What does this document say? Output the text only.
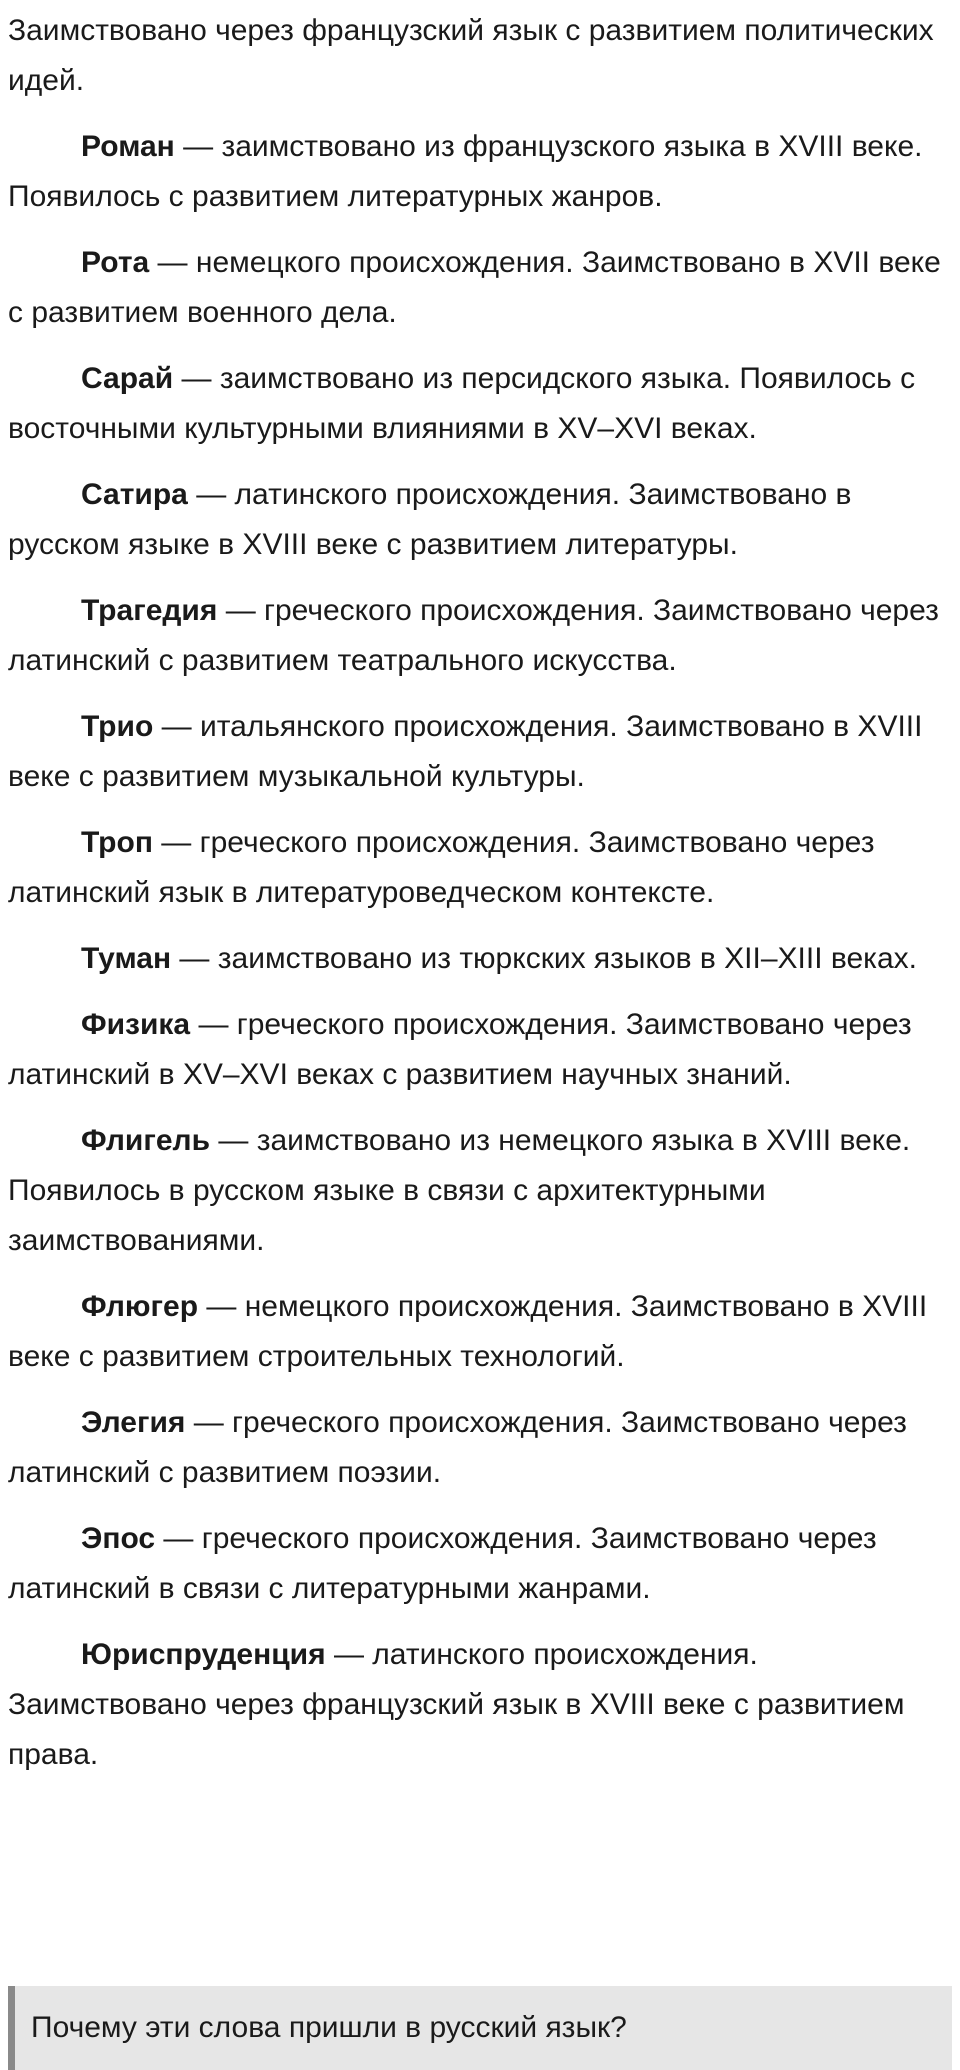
Заимствовано через французский язык с развитием политических идей.

Роман — заимствовано из французского языка в XVIII веке. Появилось с развитием литературных жанров.

Рота — немецкого происхождения. Заимствовано в XVII веке с развитием военного дела.

Сарай — заимствовано из персидского языка. Появилось с восточными культурными влияниями в XV–XVI веках.

Сатира — латинского происхождения. Заимствовано в русском языке в XVIII веке с развитием литературы.

Трагедия — греческого происхождения. Заимствовано через латинский с развитием театрального искусства.

Трио — итальянского происхождения. Заимствовано в XVIII веке с развитием музыкальной культуры.

Троп — греческого происхождения. Заимствовано через латинский язык в литературоведческом контексте.

Туман — заимствовано из тюркских языков в XII–XIII веках.

Физика — греческого происхождения. Заимствовано через латинский в XV–XVI веках с развитием научных знаний.

Флигель — заимствовано из немецкого языка в XVIII веке. Появилось в русском языке в связи с архитектурными заимствованиями.

Флюгер — немецкого происхождения. Заимствовано в XVIII веке с развитием строительных технологий.

Элегия — греческого происхождения. Заимствовано через латинский с развитием поэзии.

Эпос — греческого происхождения. Заимствовано через латинский в связи с литературными жанрами.

Юриспруденция — латинского происхождения. Заимствовано через французский язык в XVIII веке с развитием права.

Почему эти слова пришли в русский язык?
